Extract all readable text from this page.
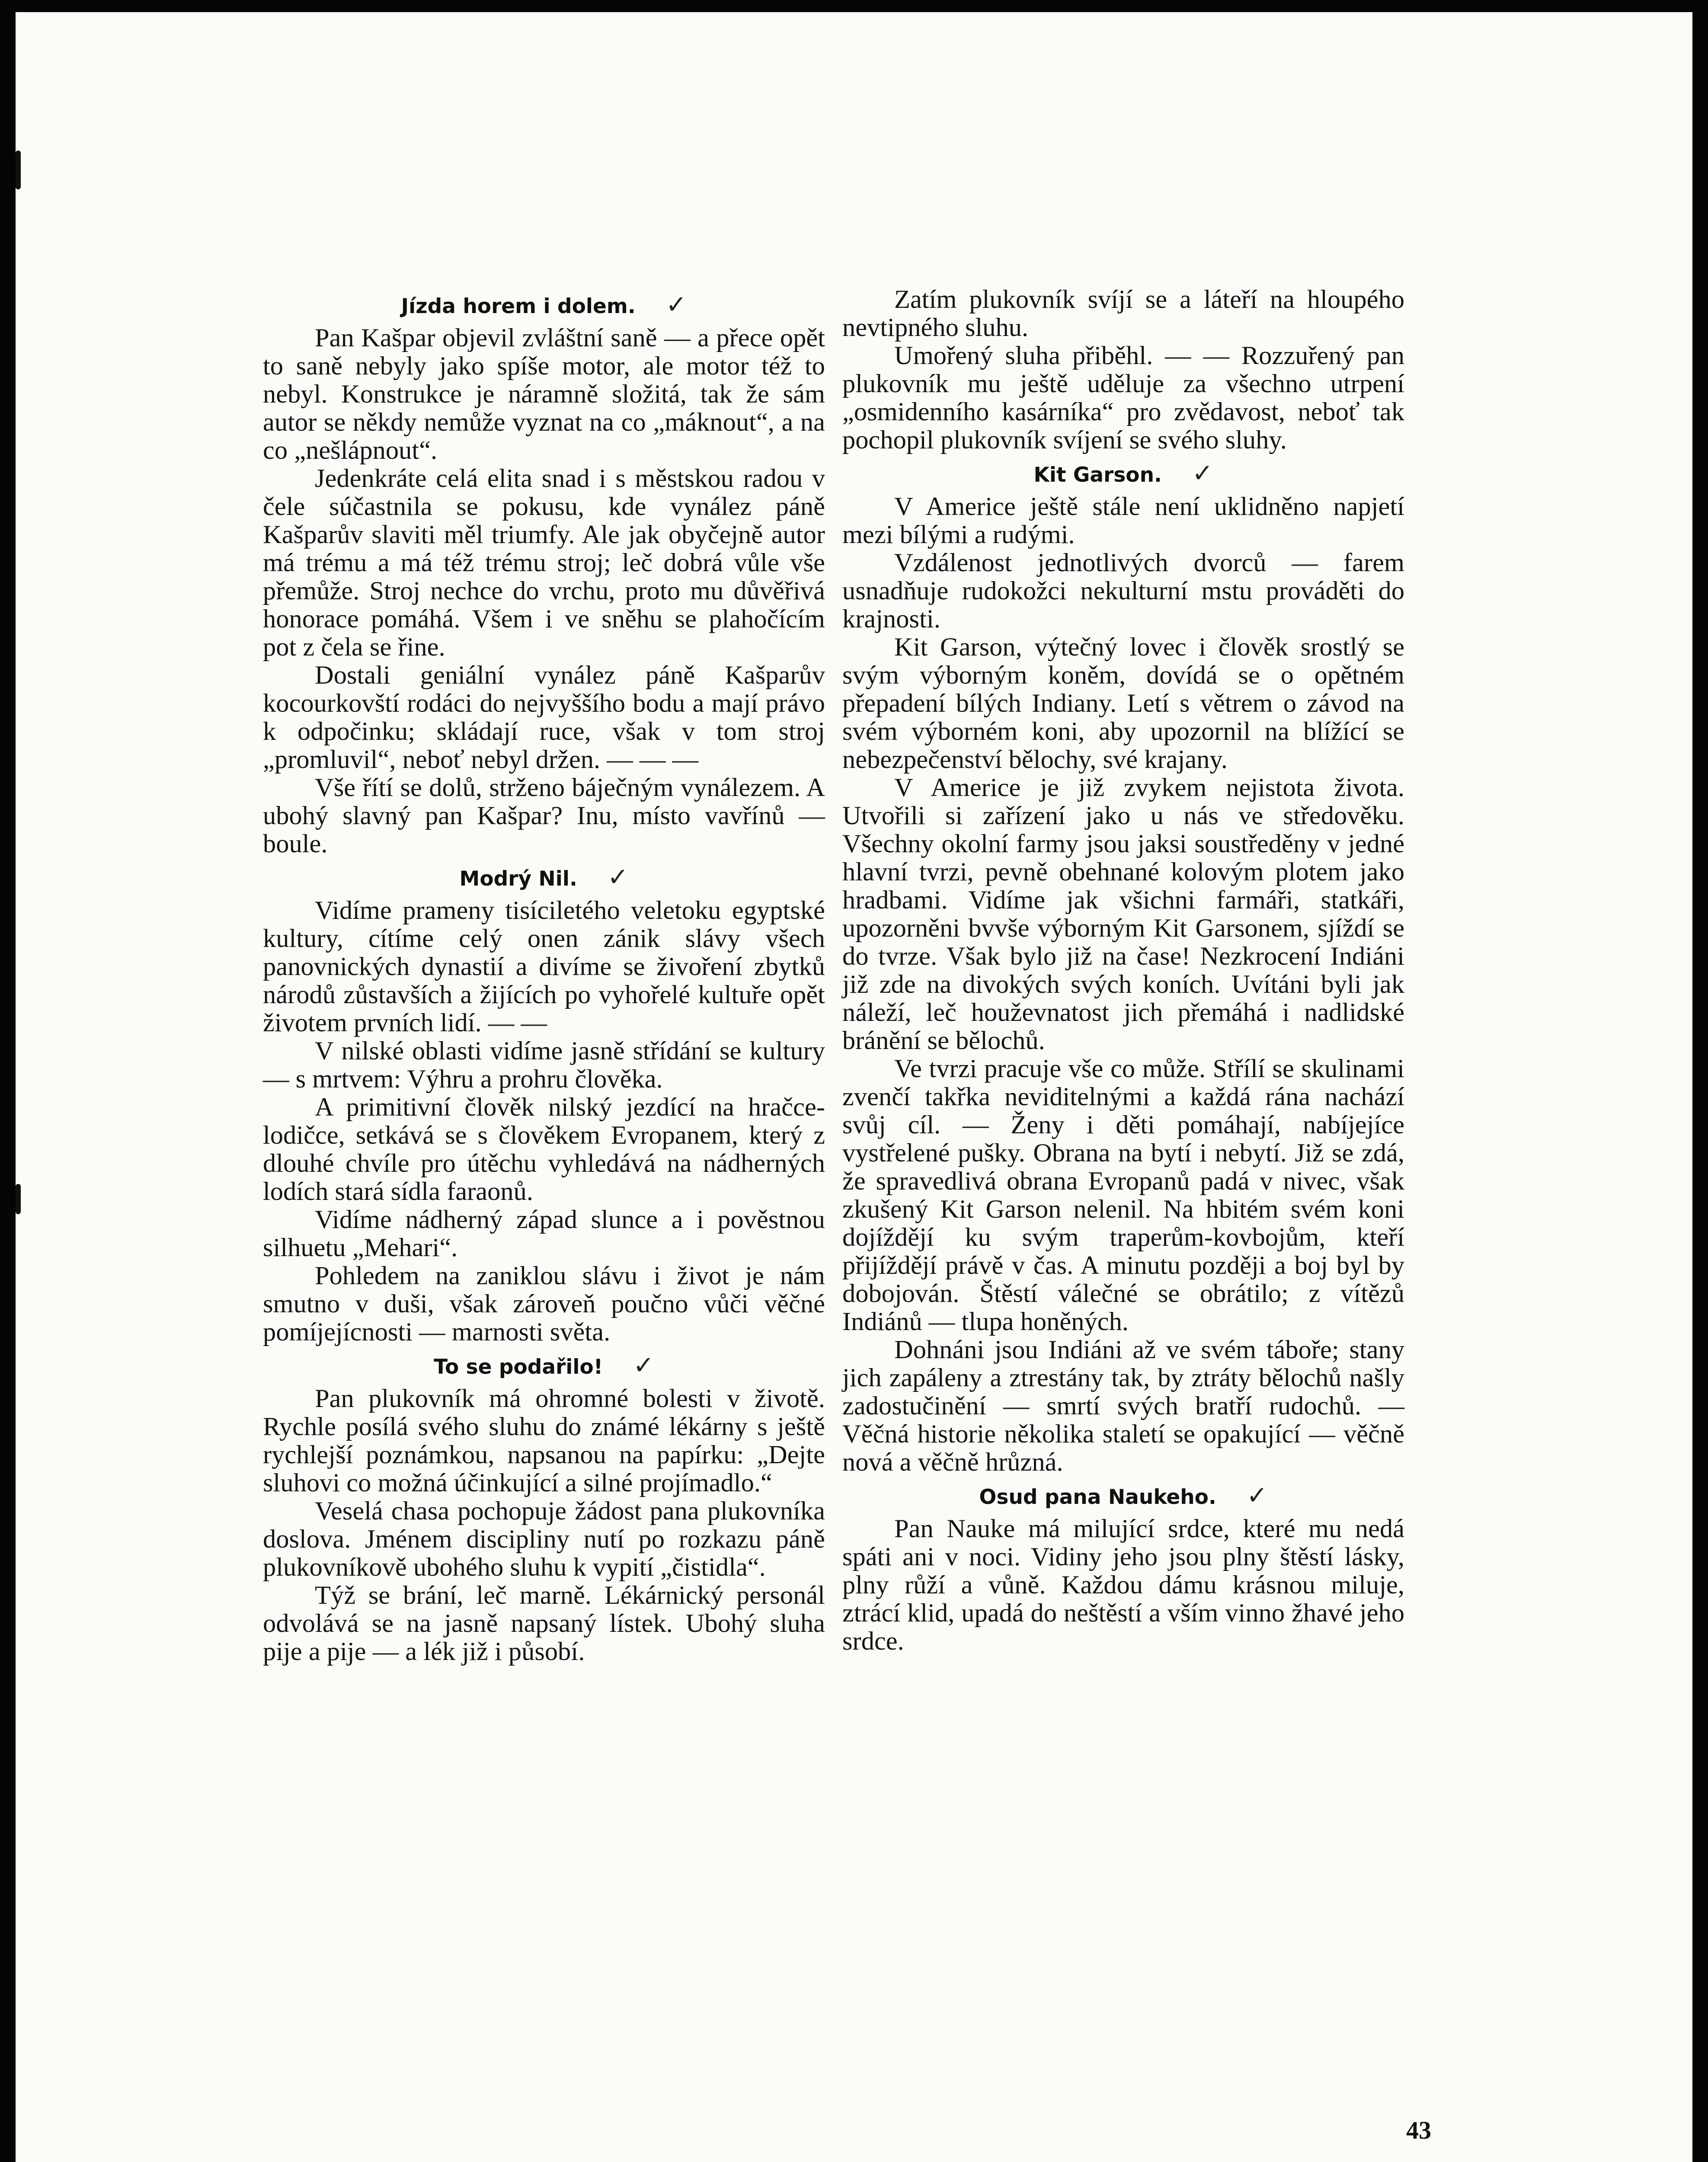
Jízda horem i dolem. ✓

Pan Kašpar objevil zvláštní saně — a přece opět to saně nebyly jako spíše motor, ale motor též to nebyl. Konstrukce je náramně složitá, tak že sám autor se někdy nemůže vyznat na co „máknout“, a na co „nešlápnout“.

Jedenkráte celá elita snad i s městskou radou v čele súčastnila se pokusu, kde vynález páně Kašparův slaviti měl triumfy. Ale jak obyčejně autor má trému a má též trému stroj; leč dobrá vůle vše přemůže. Stroj nechce do vrchu, proto mu důvěřivá honorace pomáhá. Všem i ve sněhu se plahočícím pot z čela se řine.

Dostali geniální vynález páně Kašparův kocourkovští rodáci do nejvyššího bodu a mají právo k odpočinku; skládají ruce, však v tom stroj „promluvil“, neboť nebyl držen. — — —

Vše řítí se dolů, strženo báječným vynálezem. A ubohý slavný pan Kašpar? Inu, místo vavřínů — boule.

Modrý Nil. ✓

Vidíme prameny tisíciletého veletoku egyptské kultury, cítíme celý onen zánik slávy všech panovnických dynastií a divíme se živoření zbytků národů zůstavších a žijících po vyhořelé kultuře opět životem prvních lidí. — —

V nilské oblasti vidíme jasně střídání se kultury — s mrtvem: Výhru a prohru člověka.

A primitivní člověk nilský jezdící na hračce-lodičce, setkává se s člověkem Evropanem, který z dlouhé chvíle pro útěchu vyhledává na nádherných lodích stará sídla faraonů.

Vidíme nádherný západ slunce a i pověstnou silhuetu „Mehari“.

Pohledem na zaniklou slávu i život je nám smutno v duši, však zároveň poučno vůči věčné pomíjejícnosti — marnosti světa.

To se podařilo! ✓

Pan plukovník má ohromné bolesti v životě. Rychle posílá svého sluhu do známé lékárny s ještě rychlejší poznámkou, napsanou na papírku: „Dejte sluhovi co možná účinkující a silné projímadlo.“

Veselá chasa pochopuje žádost pana plukovníka doslova. Jménem discipliny nutí po rozkazu páně plukovníkově ubohého sluhu k vypití „čistidla“.

Týž se brání, leč marně. Lékárnický personál odvolává se na jasně napsaný lístek. Ubohý sluha pije a pije — a lék již i působí.

Zatím plukovník svíjí se a láteří na hloupého nevtipného sluhu.

Umořený sluha přiběhl. — — Rozzuřený pan plukovník mu ještě uděluje za všechno utrpení „osmidenního kasárníka“ pro zvědavost, neboť tak pochopil plukovník svíjení se svého sluhy.

Kit Garson. ✓

V Americe ještě stále není uklidněno napjetí mezi bílými a rudými.

Vzdálenost jednotlivých dvorců — farem usnadňuje rudokožci nekulturní mstu prováděti do krajnosti.

Kit Garson, výtečný lovec i člověk srostlý se svým výborným koněm, dovídá se o opětném přepadení bílých Indiany. Letí s větrem o závod na svém výborném koni, aby upozornil na blížící se nebezpečenství bělochy, své krajany.

V Americe je již zvykem nejistota života. Utvořili si zařízení jako u nás ve středověku. Všechny okolní farmy jsou jaksi soustředěny v jedné hlavní tvrzi, pevně obehnané kolovým plotem jako hradbami. Vidíme jak všichni farmáři, statkáři, upozorněni bvvše výborným Kit Garsonem, sjíždí se do tvrze. Však bylo již na čase! Nezkrocení Indiáni již zde na divokých svých koních. Uvítáni byli jak náleží, leč houževnatost jich přemáhá i nadlidské bránění se bělochů.

Ve tvrzi pracuje vše co může. Střílí se skulinami zvenčí takřka neviditelnými a každá rána nachází svůj cíl. — Ženy i děti pomáhají, nabíjejíce vystřelené pušky. Obrana na bytí i nebytí. Již se zdá, že spravedlivá obrana Evropanů padá v nivec, však zkušený Kit Garson nelenil. Na hbitém svém koni dojíždějí ku svým traperům-kovbojům, kteří přijíždějí právě v čas. A minutu později a boj byl by dobojován. Štěstí válečné se obrátilo; z vítězů Indiánů — tlupa honěných.

Dohnáni jsou Indiáni až ve svém táboře; stany jich zapáleny a ztrestány tak, by ztráty bělochů našly zadostučinění — smrtí svých bratří rudochů. — Věčná historie několika staletí se opakující — věčně nová a věčně hrůzná.

Osud pana Naukeho. ✓

Pan Nauke má milující srdce, které mu nedá spáti ani v noci. Vidiny jeho jsou plny štěstí lásky, plny růží a vůně. Každou dámu krásnou miluje, ztrácí klid, upadá do neštěstí a vším vinno žhavé jeho srdce.

43
